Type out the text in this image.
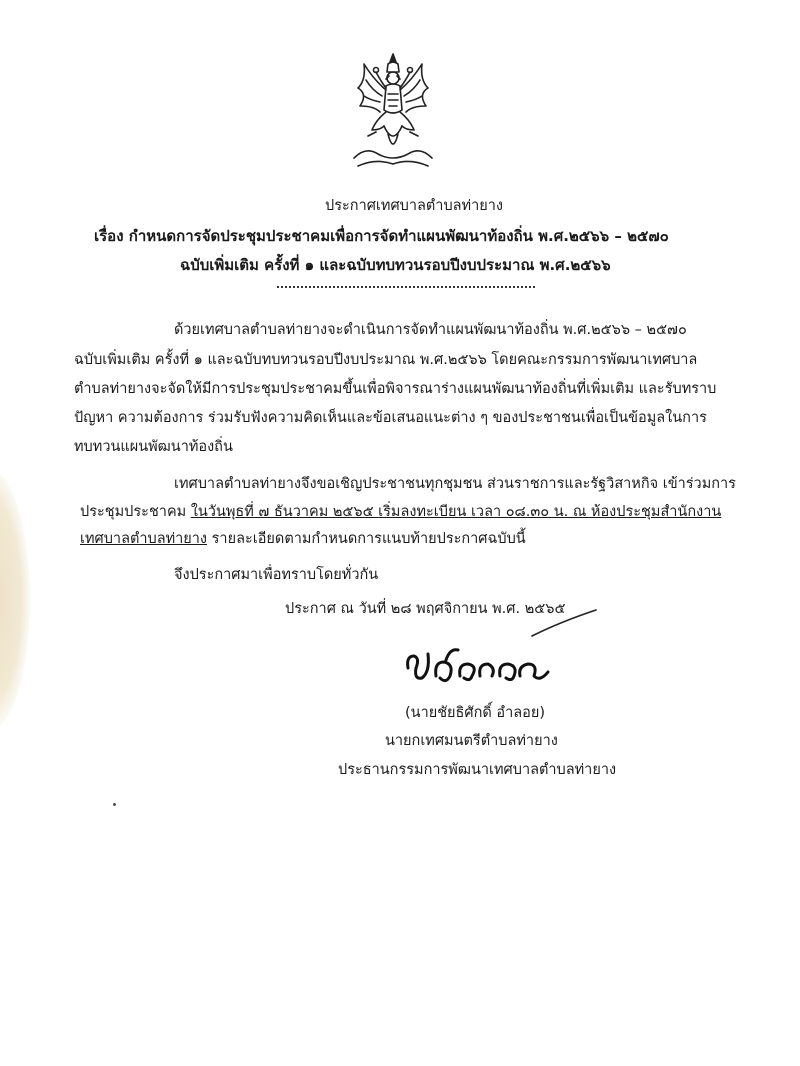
ประกาศเทศบาลตำบลท่ายาง
เรื่อง กำหนดการจัดประชุมประชาคมเพื่อการจัดทำแผนพัฒนาท้องถิ่น พ.ศ.๒๕๖๖ – ๒๕๗๐
ฉบับเพิ่มเติม ครั้งที่ ๑ และฉบับทบทวนรอบปีงบประมาณ พ.ศ.๒๕๖๖
ด้วยเทศบาลตำบลท่ายางจะดำเนินการจัดทำแผนพัฒนาท้องถิ่น พ.ศ.๒๕๖๖ – ๒๕๗๐
ฉบับเพิ่มเติม ครั้งที่ ๑ และฉบับทบทวนรอบปีงบประมาณ พ.ศ.๒๕๖๖ โดยคณะกรรมการพัฒนาเทศบาล
ตำบลท่ายางจะจัดให้มีการประชุมประชาคมขึ้นเพื่อพิจารณาร่างแผนพัฒนาท้องถิ่นที่เพิ่มเติม และรับทราบ
ปัญหา ความต้องการ ร่วมรับฟังความคิดเห็นและข้อเสนอแนะต่าง ๆ ของประชาชนเพื่อเป็นข้อมูลในการ
ทบทวนแผนพัฒนาท้องถิ่น
เทศบาลตำบลท่ายางจึงขอเชิญประชาชนทุกชุมชน ส่วนราชการและรัฐวิสาหกิจ เข้าร่วมการ
ประชุมประชาคม ในวันพุธที่ ๗ ธันวาคม ๒๕๖๕ เริ่มลงทะเบียน เวลา ๐๘.๓๐ น. ณ ห้องประชุมสำนักงาน
เทศบาลตำบลท่ายาง รายละเอียดตามกำหนดการแนบท้ายประกาศฉบับนี้
จึงประกาศมาเพื่อทราบโดยทั่วกัน
ประกาศ ณ วันที่ ๒๘ พฤศจิกายน พ.ศ. ๒๕๖๕
(นายชัยธิศักดิ์ อำลอย)
นายกเทศมนตรีตำบลท่ายาง
ประธานกรรมการพัฒนาเทศบาลตำบลท่ายาง
